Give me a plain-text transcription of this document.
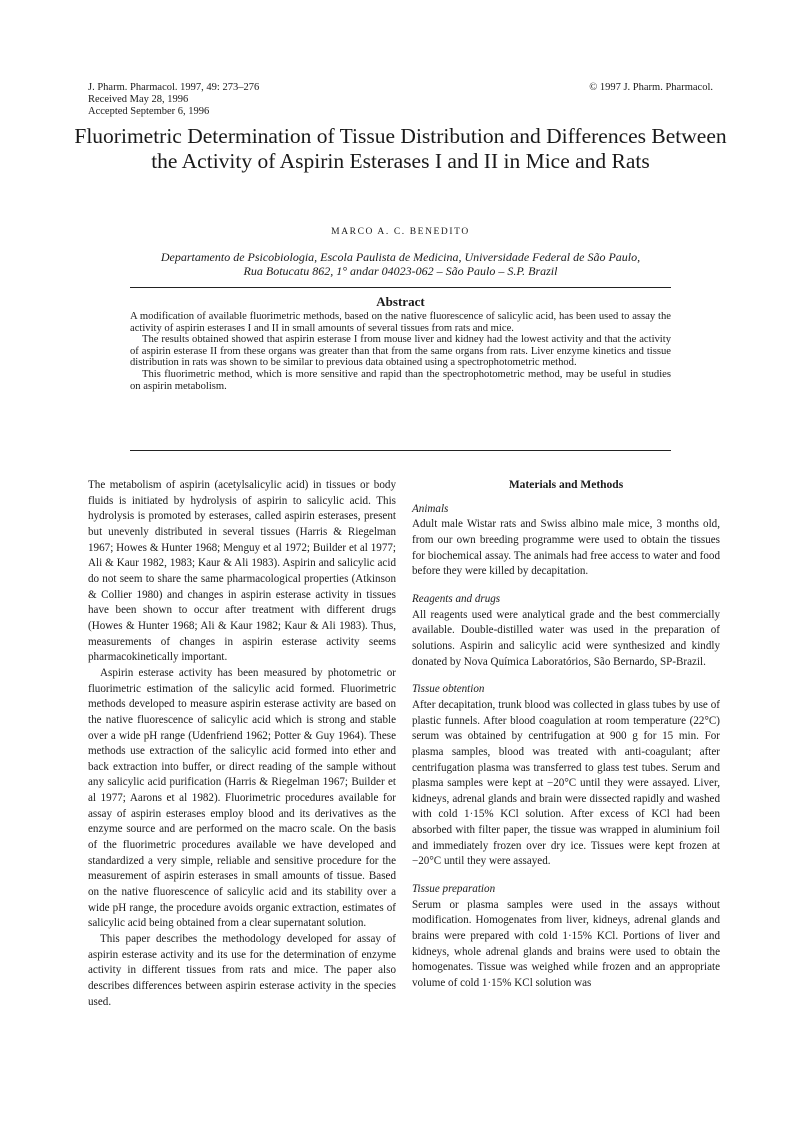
J. Pharm. Pharmacol. 1997, 49: 273–276
Received May 28, 1996
Accepted September 6, 1996
© 1997 J. Pharm. Pharmacol.
Fluorimetric Determination of Tissue Distribution and Differences Between the Activity of Aspirin Esterases I and II in Mice and Rats
MARCO A. C. BENEDITO
Departamento de Psicobiologia, Escola Paulista de Medicina, Universidade Federal de São Paulo,
Rua Botucatu 862, 1° andar 04023-062 – São Paulo – S.P. Brazil
Abstract

A modification of available fluorimetric methods, based on the native fluorescence of salicylic acid, has been used to assay the activity of aspirin esterases I and II in small amounts of several tissues from rats and mice.

The results obtained showed that aspirin esterase I from mouse liver and kidney had the lowest activity and that the activity of aspirin esterase II from these organs was greater than that from the same organs from rats. Liver enzyme kinetics and tissue distribution in rats was shown to be similar to previous data obtained using a spectrophotometric method.

This fluorimetric method, which is more sensitive and rapid than the spectrophotometric method, may be useful in studies on aspirin metabolism.

The metabolism of aspirin (acetylsalicylic acid) in tissues or body fluids is initiated by hydrolysis of aspirin to salicylic acid. This hydrolysis is promoted by esterases, called aspirin esterases, present but unevenly distributed in several tissues (Harris & Riegelman 1967; Howes & Hunter 1968; Menguy et al 1972; Builder et al 1977; Ali & Kaur 1982, 1983; Kaur & Ali 1983). Aspirin and salicylic acid do not seem to share the same pharmacological properties (Atkinson & Collier 1980) and changes in aspirin esterase activity in tissues have been shown to occur after treatment with different drugs (Howes & Hunter 1968; Ali & Kaur 1982; Kaur & Ali 1983). Thus, measurements of changes in aspirin esterase activity seems pharmacokinetically important.

Aspirin esterase activity has been measured by photometric or fluorimetric estimation of the salicylic acid formed. Fluorimetric methods developed to measure aspirin esterase activity are based on the native fluorescence of salicylic acid which is strong and stable over a wide pH range (Udenfriend 1962; Potter & Guy 1964). These methods use extraction of the salicylic acid formed into ether and back extraction into buffer, or direct reading of the sample without any salicylic acid purification (Harris & Riegelman 1967; Builder et al 1977; Aarons et al 1982). Fluorimetric procedures available for assay of aspirin esterases employ blood and its derivatives as the enzyme source and are performed on the macro scale. On the basis of the fluorimetric procedures available we have developed and standardized a very simple, reliable and sensitive procedure for the measurement of aspirin esterases in small amounts of tissue. Based on the native fluorescence of salicylic acid and its stability over a wide pH range, the procedure avoids organic extraction, estimates of salicylic acid being obtained from a clear supernatant solution.

This paper describes the methodology developed for assay of aspirin esterase activity and its use for the determination of enzyme activity in different tissues from rats and mice. The paper also describes differences between aspirin esterase activity in the species used.

Materials and Methods

Animals

Adult male Wistar rats and Swiss albino male mice, 3 months old, from our own breeding programme were used to obtain the tissues for biochemical assay. The animals had free access to water and food before they were killed by decapitation.

Reagents and drugs

All reagents used were analytical grade and the best commercially available. Double-distilled water was used in the preparation of solutions. Aspirin and salicylic acid were synthesized and kindly donated by Nova Química Laboratórios, São Bernardo, SP-Brazil.

Tissue obtention

After decapitation, trunk blood was collected in glass tubes by use of plastic funnels. After blood coagulation at room temperature (22°C) serum was obtained by centrifugation at 900 g for 15 min. For plasma samples, blood was treated with anti-coagulant; after centrifugation plasma was transferred to glass test tubes. Serum and plasma samples were kept at −20°C until they were assayed. Liver, kidneys, adrenal glands and brain were dissected rapidly and washed with cold 1·15% KCl solution. After excess of KCl had been absorbed with filter paper, the tissue was wrapped in aluminium foil and immediately frozen over dry ice. Tissues were kept frozen at −20°C until they were assayed.

Tissue preparation

Serum or plasma samples were used in the assays without modification. Homogenates from liver, kidneys, adrenal glands and brains were prepared with cold 1·15% KCl. Portions of liver and kidneys, whole adrenal glands and brains were used to obtain the homogenates. Tissue was weighed while frozen and an appropriate volume of cold 1·15% KCl solution was
